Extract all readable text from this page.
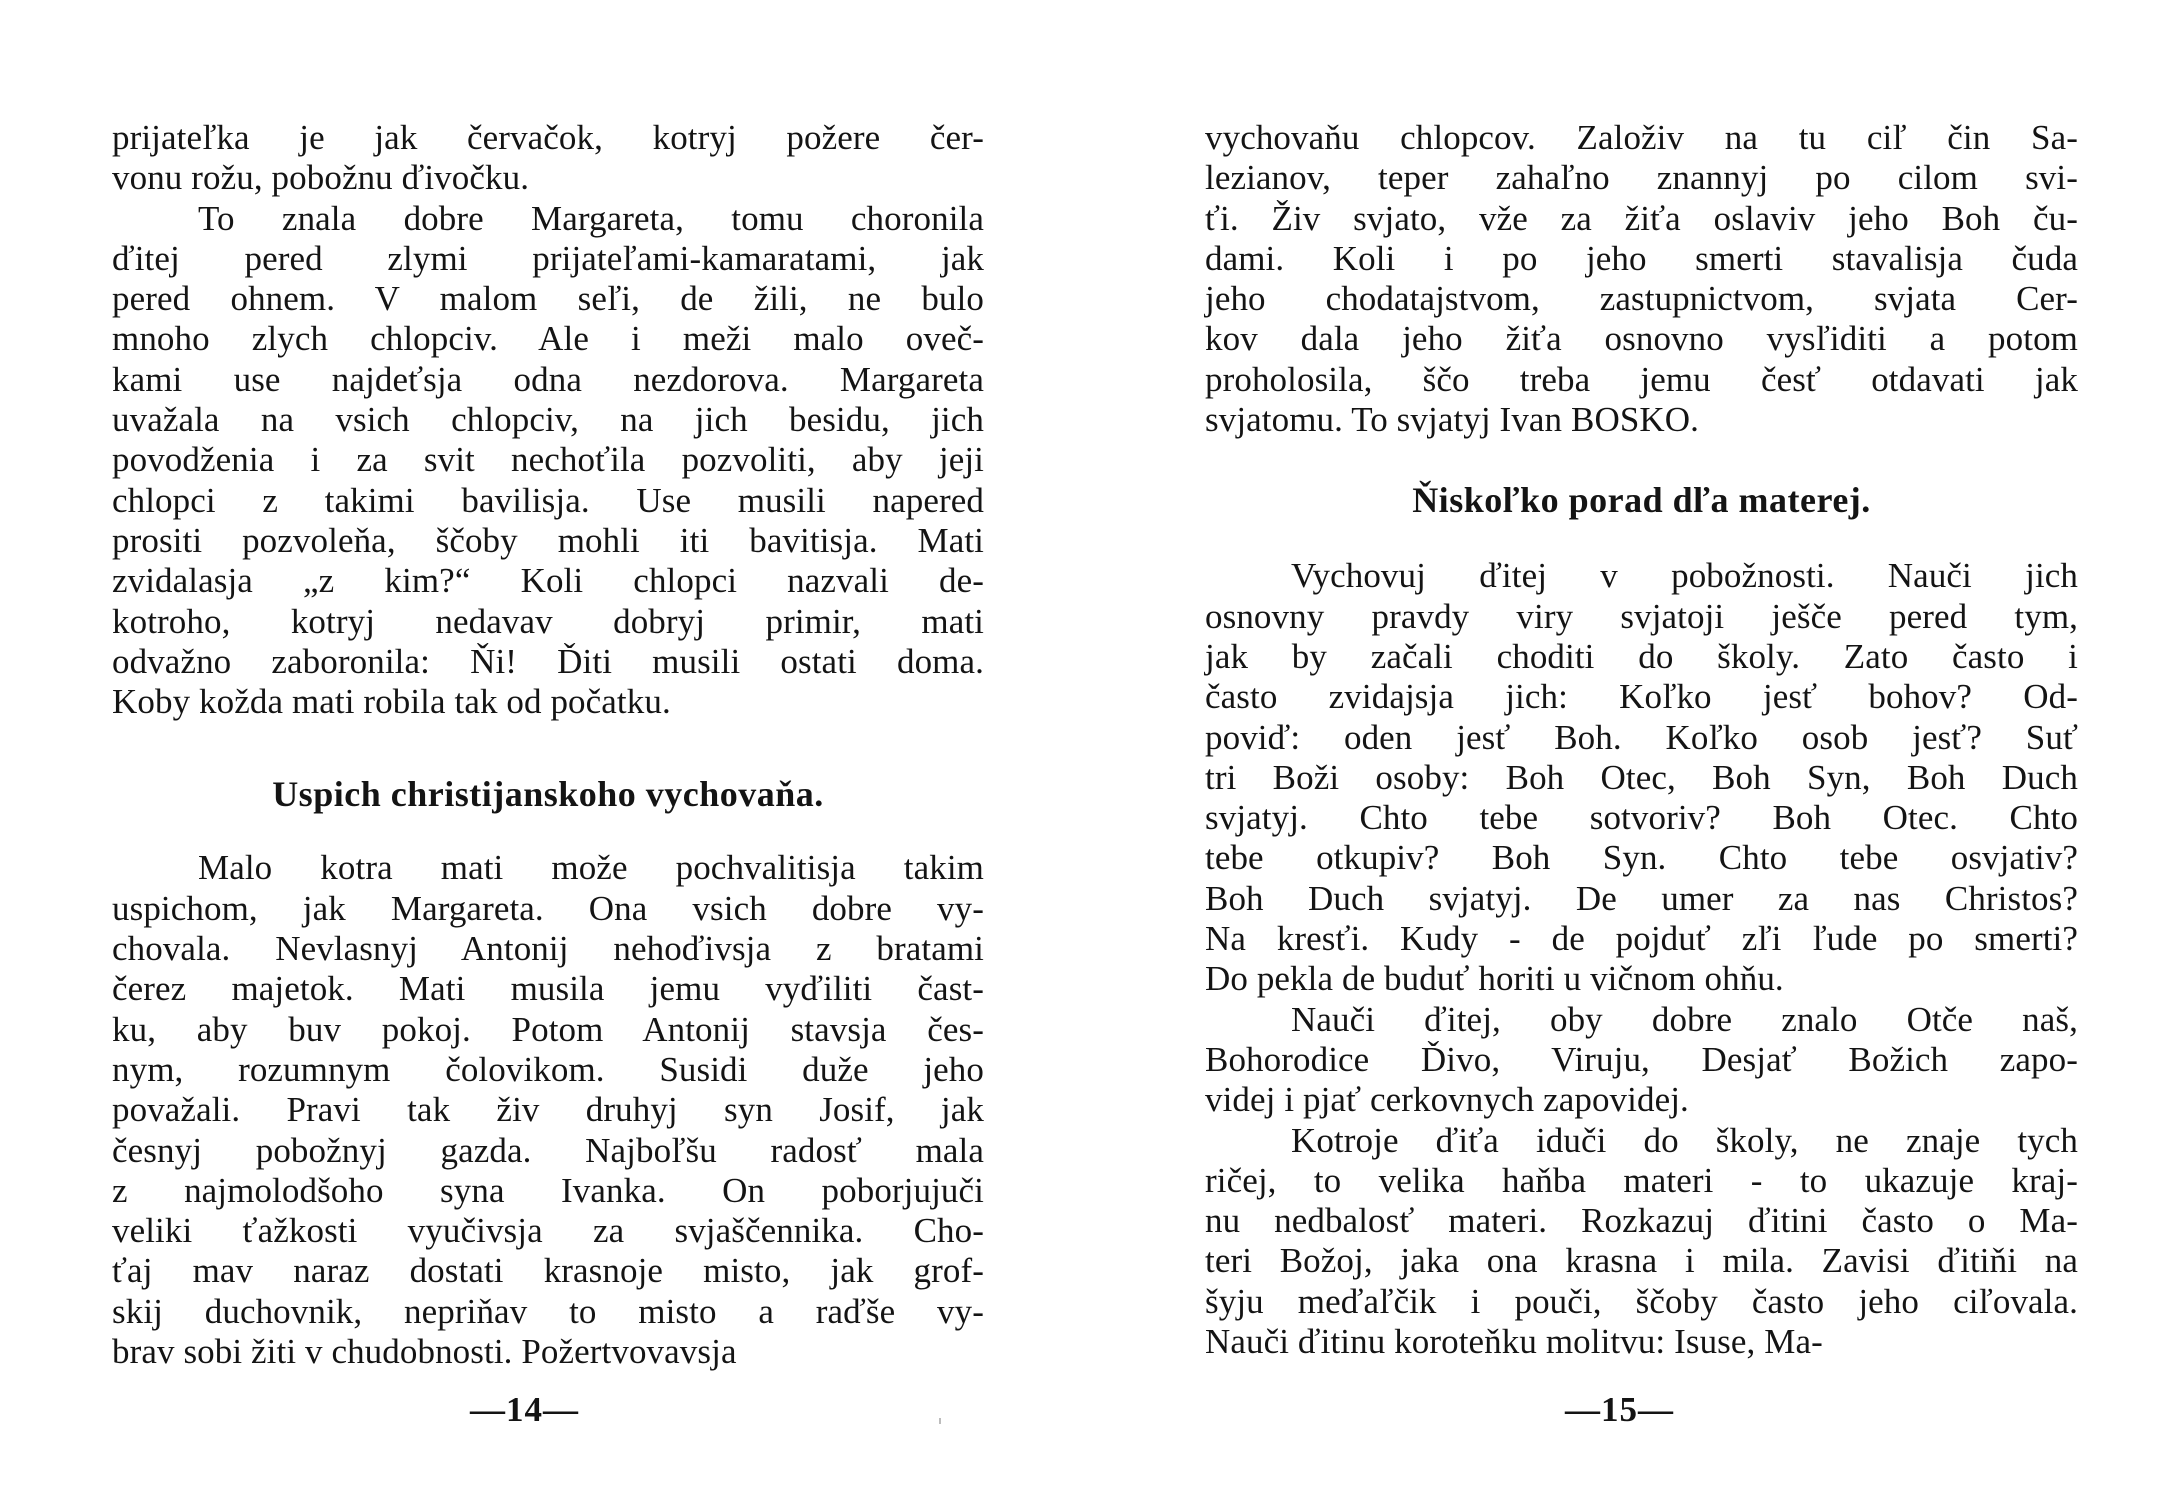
prijateľka je jak červačok, kotryj požere čer-
vonu rožu, pobožnu ďivočku.
To znala dobre Margareta, tomu choronila
ďitej pered zlymi prijateľami-kamaratami, jak
pered ohnem. V malom seľi, de žili, ne bulo
mnoho zlych chlopciv. Ale i meži malo oveč-
kami use najdeťsja odna nezdorova. Margareta
uvažala na vsich chlopciv, na jich besidu, jich
povodženia i za svit nechoťila pozvoliti, aby jeji
chlopci z takimi bavilisja. Use musili napered
prositi pozvoleňa, ščoby mohli iti bavitisja. Mati
zvidalasja „z kim?“ Koli chlopci nazvali de-
kotroho, kotryj nedavav dobryj primir, mati
odvažno zaboronila: Ňi! Ďiti musili ostati doma.
Koby kožda mati robila tak od počatku.
Uspich christijanskoho vychovaňa.
Malo kotra mati može pochvalitisja takim
uspichom, jak Margareta. Ona vsich dobre vy-
chovala. Nevlasnyj Antonij nehoďivsja z bratami
čerez majetok. Mati musila jemu vyďiliti čast-
ku, aby buv pokoj. Potom Antonij stavsja čes-
nym, rozumnym čolovikom. Susidi duže jeho
považali. Pravi tak živ druhyj syn Josif, jak
česnyj pobožnyj gazda. Najboľšu radosť mala
z najmolodšoho syna Ivanka. On poborjujuči
veliki ťažkosti vyučivsja za svjaščennika. Cho-
ťaj mav naraz dostati krasnoje misto, jak grof-
skij duchovnik, nepriňav to misto a raďše vy-
brav sobi žiti v chudobnosti. Požertvovavsja
—14—
vychovaňu chlopcov. Založiv na tu ciľ čin Sa-
lezianov, teper zahaľno znannyj po cilom svi-
ťi. Živ svjato, vže za žiťa oslaviv jeho Boh ču-
dami. Koli i po jeho smerti stavalisja čuda
jeho chodatajstvom, zastupnictvom, svjata Cer-
kov dala jeho žiťa osnovno vysľiditi a potom
proholosila, ščo treba jemu česť otdavati jak
svjatomu. To svjatyj Ivan BOSKO.
Ňiskoľko porad dľa materej.
Vychovuj ďitej v pobožnosti. Nauči jich
osnovny pravdy viry svjatoji ješče pered tym,
jak by začali choditi do školy. Zato často i
často zvidajsja jich: Koľko jesť bohov? Od-
poviď: oden jesť Boh. Koľko osob jesť? Suť
tri Boži osoby: Boh Otec, Boh Syn, Boh Duch
svjatyj. Chto tebe sotvoriv? Boh Otec. Chto
tebe otkupiv? Boh Syn. Chto tebe osvjativ?
Boh Duch svjatyj. De umer za nas Christos?
Na kresťi. Kudy - de pojduť zľi ľude po smerti?
Do pekla de buduť horiti u vičnom ohňu.
Nauči ďitej, oby dobre znalo Otče naš,
Bohorodice Ďivo, Viruju, Desjať Božich zapo-
videj i pjať cerkovnych zapovidej.
Kotroje ďiťa iduči do školy, ne znaje tych
ričej, to velika haňba materi - to ukazuje kraj-
nu nedbalosť materi. Rozkazuj ďitini často o Ma-
teri Božoj, jaka ona krasna i mila. Zavisi ďitiňi na
šyju meďaľčik i pouči, ščoby často jeho ciľovala.
Nauči ďitinu koroteňku molitvu: Isuse, Ma-
—15—
